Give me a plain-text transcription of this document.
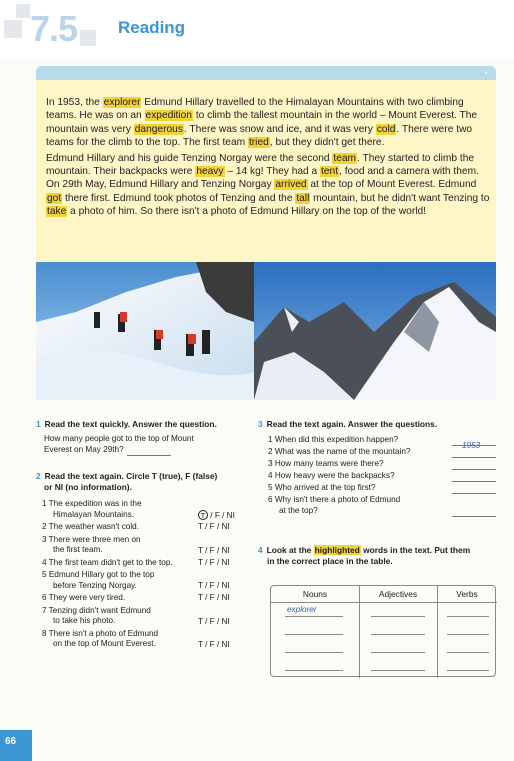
7.5 Reading
◔

In 1953, the explorer Edmund Hillary travelled to the Himalayan Mountains with two climbing teams. He was on an expedition to climb the tallest mountain in the world – Mount Everest. The mountain was very dangerous. There was snow and ice, and it was very cold. There were two teams for the climb to the top. The first team tried, but they didn't get there.

Edmund Hillary and his guide Tenzing Norgay were the second team. They started to climb the mountain. Their backpacks were heavy – 14 kg! They had a tent, food and a camera with them. On 29th May, Edmund Hillary and Tenzing Norgay arrived at the top of Mount Everest. Edmund got there first. Edmund took photos of Tenzing and the tall mountain, but he didn't want Tenzing to take a photo of him. So there isn't a photo of Edmund Hillary on the top of the world!

1 Read the text quickly. Answer the question.
How many people got to the top of Mount
Everest on May 29th?
2 Read the text again. Circle T (true), F (false)
or NI (no information).
1 The expedition was in the
Himalayan Mountains.	T / F / NI
2 The weather wasn't cold.	T / F / NI
3 There were three men on
the first team.	T / F / NI
4 The first team didn't get to the top.	T / F / NI
5 Edmund Hillary got to the top
before Tenzing Norgay.	T / F / NI
6 They were very tired.	T / F / NI
7 Tenzing didn't want Edmund
to take his photo.	T / F / NI
8 There isn't a photo of Edmund
on the top of Mount Everest.	T / F / NI
3 Read the text again. Answer the questions.
1 When did this expedition happen?
1953
2 What was the name of the mountain?
3 How many teams were there?
4 How heavy were the backpacks?
5 Who arrived at the top first?
6 Why isn't there a photo of Edmund
at the top?
4 Look at the highlighted words in the text. Put them
in the correct place in the table.
Nouns	Adjectives	Verbs
explorer
66
